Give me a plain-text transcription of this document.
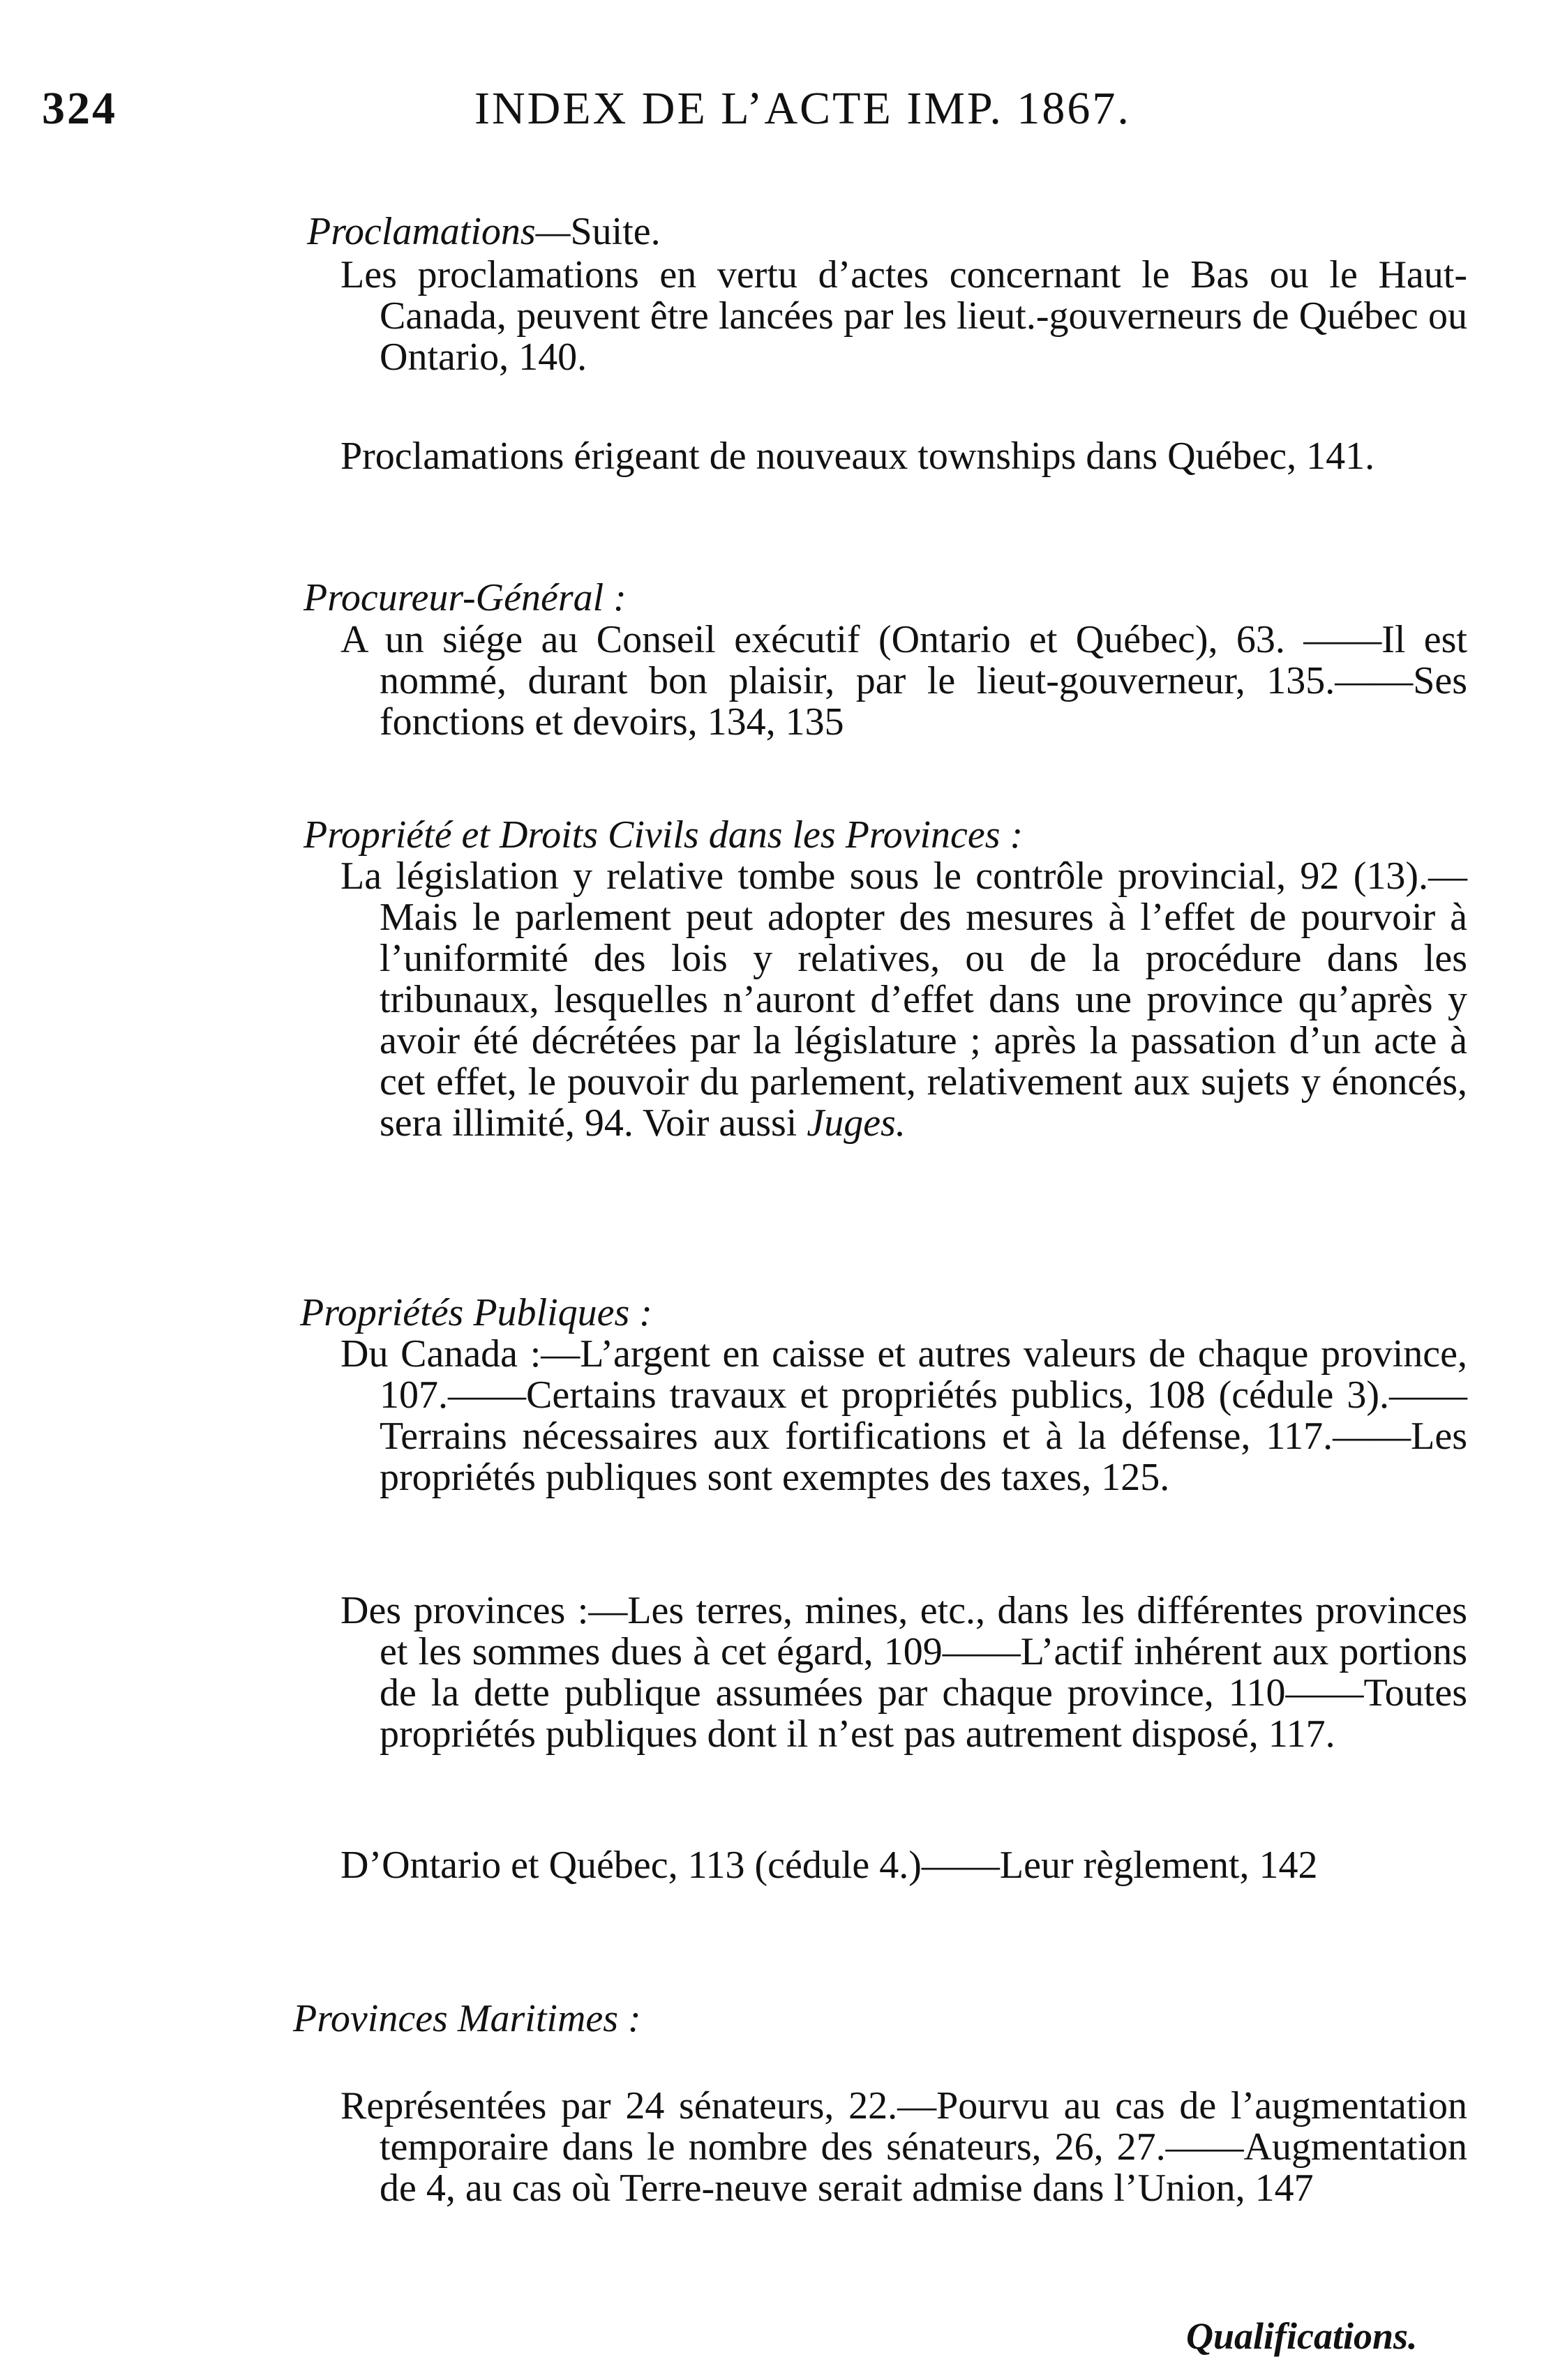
324	INDEX DE L’ACTE IMP. 1867.
Proclamations—Suite.
Les proclamations en vertu d’actes concernant le Bas ou le Haut-Canada, peuvent être lancées par les lieut.-gouverneurs de Québec ou Ontario, 140.
Proclamations érigeant de nouveaux townships dans Québec, 141.
Procureur-Général :
A un siége au Conseil exécutif (Ontario et Québec), 63. ——Il est nommé, durant bon plaisir, par le lieut-gouverneur, 135.——Ses fonctions et devoirs, 134, 135
Propriété et Droits Civils dans les Provinces :
La législation y relative tombe sous le contrôle provincial, 92 (13).—Mais le parlement peut adopter des mesures à l’effet de pourvoir à l’uniformité des lois y relatives, ou de la procédure dans les tribunaux, lesquelles n’auront d’effet dans une province qu’après y avoir été décrétées par la législature ; après la passation d’un acte à cet effet, le pouvoir du parlement, relativement aux sujets y énoncés, sera illimité, 94. Voir aussi Juges.
Propriétés Publiques :
Du Canada :—L’argent en caisse et autres valeurs de chaque province, 107.——Certains travaux et propriétés publics, 108 (cédule 3).——Terrains nécessaires aux fortifications et à la défense, 117.——Les propriétés publiques sont exemptes des taxes, 125.
Des provinces :—Les terres, mines, etc., dans les différentes provinces et les sommes dues à cet égard, 109——L’actif inhérent aux portions de la dette publique assumées par chaque province, 110——Toutes propriétés publiques dont il n’est pas autrement disposé, 117.
D’Ontario et Québec, 113 (cédule 4.)——Leur règlement, 142
Provinces Maritimes :
Représentées par 24 sénateurs, 22.—Pourvu au cas de l’augmentation temporaire dans le nombre des sénateurs, 26, 27.——Augmentation de 4, au cas où Terre-neuve serait admise dans l’Union, 147
Qualifications.
